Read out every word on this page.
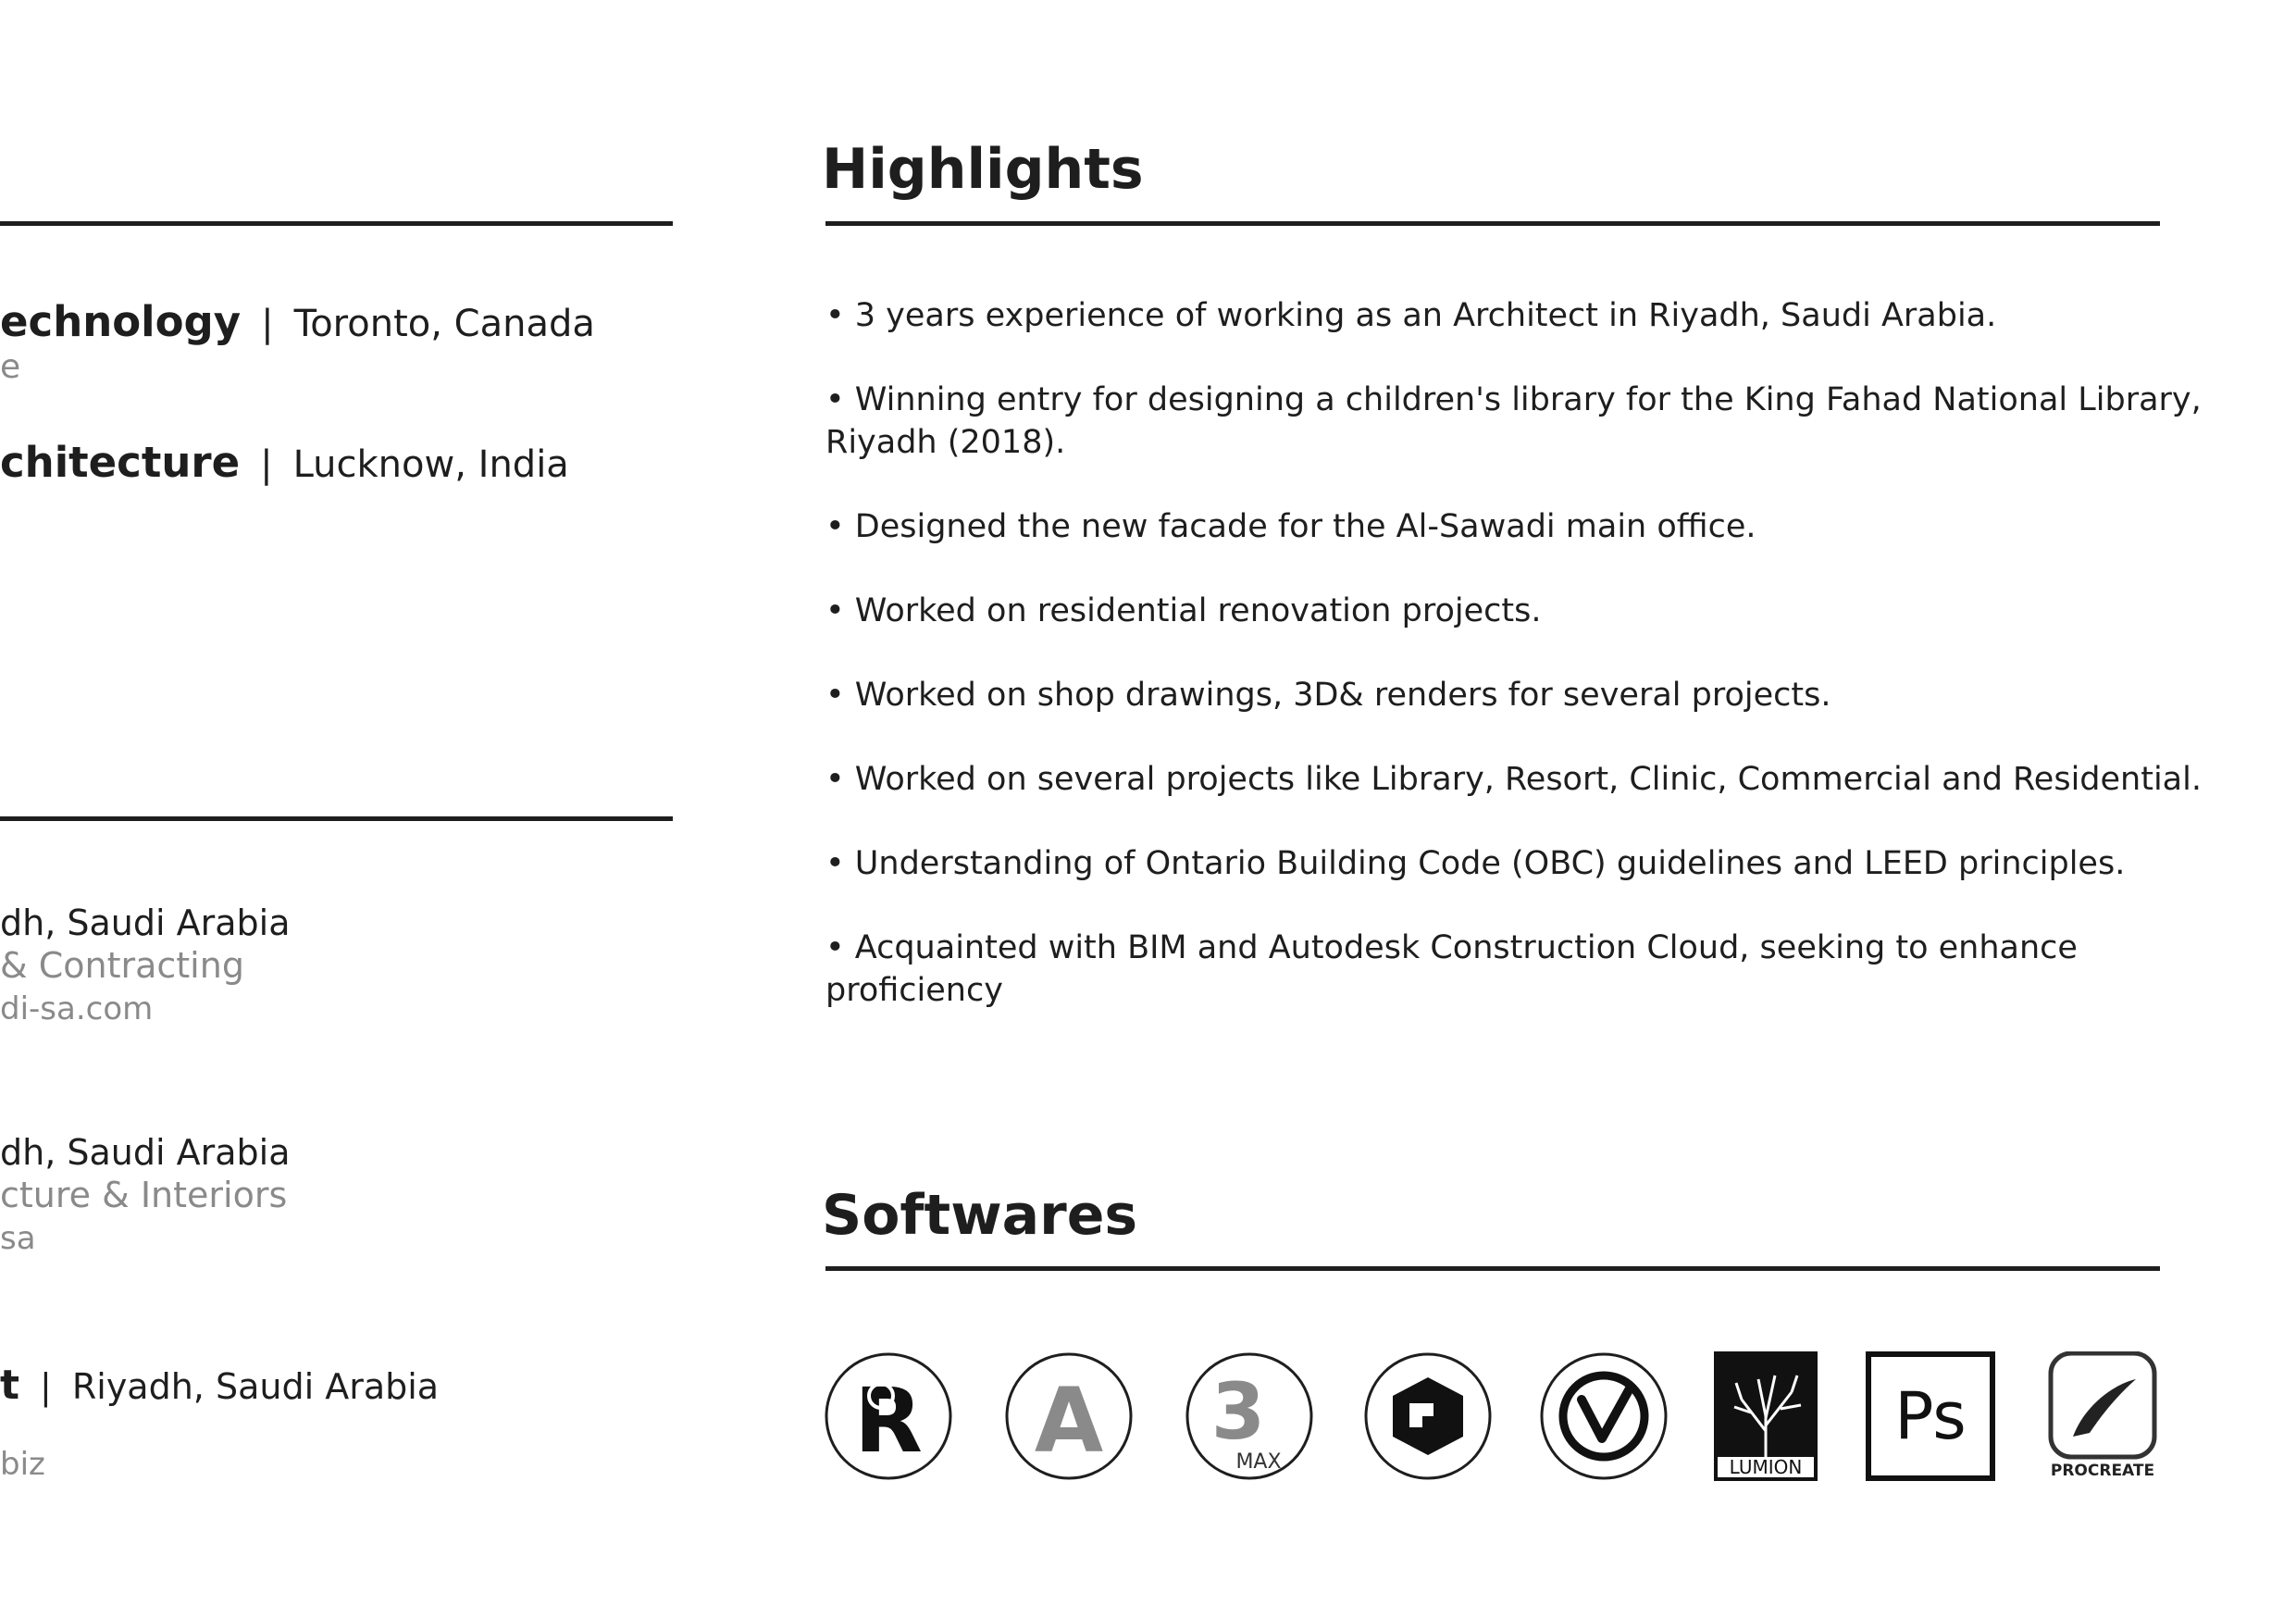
echnology | Toronto, Canada
e
chitecture | Lucknow, India
dh, Saudi Arabia
& Contracting
di-sa.com
dh, Saudi Arabia
cture & Interiors
sa
t | Riyadh, Saudi Arabia
biz
Highlights
• 3 years experience of working as an Architect in Riyadh, Saudi Arabia.
• Winning entry for designing a children's library for the King Fahad National Library, Riyadh (2018).
• Designed the new facade for the Al-Sawadi main office.
• Worked on residential renovation projects.
• Worked on shop drawings, 3D& renders for several projects.
• Worked on several projects like Library, Resort, Clinic, Commercial and Residential.
• Understanding of Ontario Building Code (OBC) guidelines and LEED principles.
• Acquainted with BIM and Autodesk Construction Cloud, seeking to enhance proficiency
Softwares
R A 3
MAX	LUMION
Ps
PROCREATE
